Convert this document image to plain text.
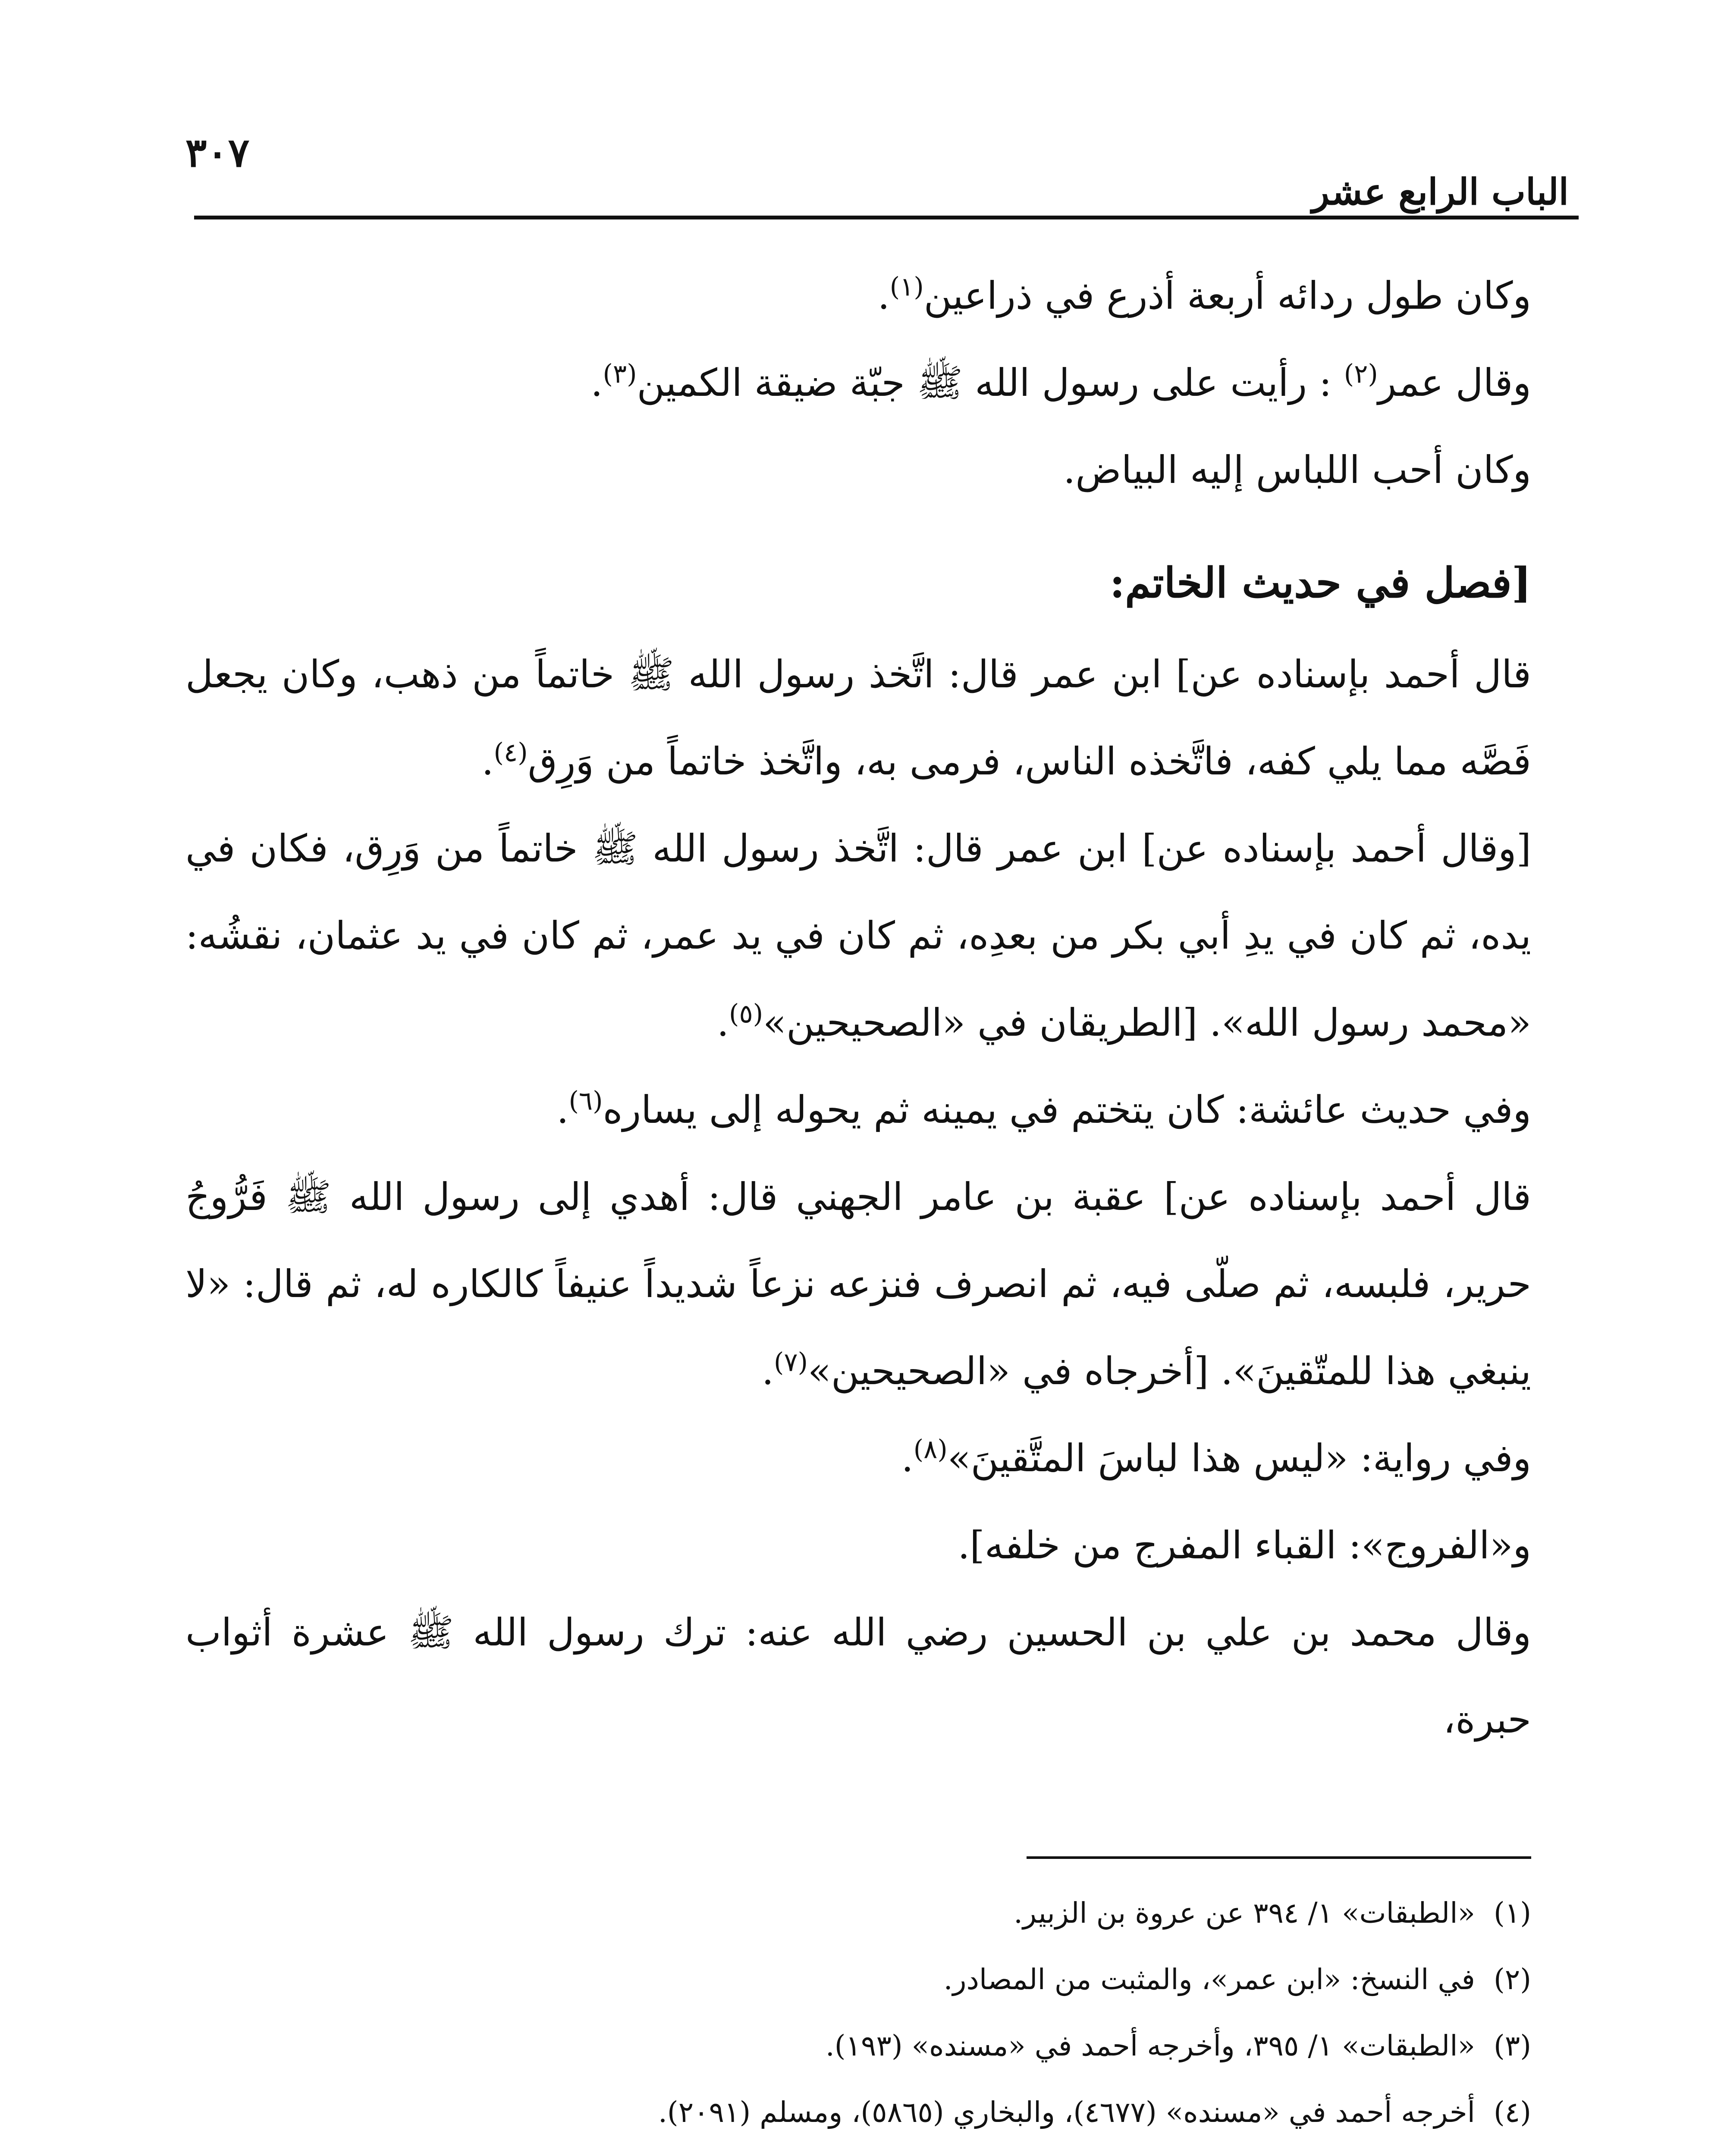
٣٠٧
الباب الرابع عشر

وكان طول ردائه أربعة أذرع في ذراعين$^{(١)}$.

وقال عمر$^{(٢)}$ : رأيت على رسول الله ﷺ جبّة ضيقة الكمين$^{(٣)}$.

وكان أحب اللباس إليه البياض.

[فصل في حديث الخاتم:

قال أحمد بإسناده عن] ابن عمر قال: اتَّخذ رسول الله ﷺ خاتماً من ذهب، وكان يجعل فَصَّه مما يلي كفه، فاتَّخذه الناس، فرمى به، واتَّخذ خاتماً من وَرِق$^{(٤)}$.

[وقال أحمد بإسناده عن] ابن عمر قال: اتَّخذ رسول الله ﷺ خاتماً من وَرِق، فكان في يده، ثم كان في يدِ أبي بكر من بعدِه، ثم كان في يد عمر، ثم كان في يد عثمان، نقشُه: «محمد رسول الله». [الطريقان في «الصحيحين»$^{(٥)}$.

وفي حديث عائشة: كان يتختم في يمينه ثم يحوله إلى يساره$^{(٦)}$.

قال أحمد بإسناده عن] عقبة بن عامر الجهني قال: أهدي إلى رسول الله ﷺ فَرُّوجُ حرير، فلبسه، ثم صلّى فيه، ثم انصرف فنزعه نزعاً شديداً عنيفاً كالكاره له، ثم قال: «لا ينبغي هذا للمتّقينَ». [أخرجاه في «الصحيحين»$^{(٧)}$.

وفي رواية: «ليس هذا لباسَ المتَّقينَ»$^{(٨)}$.

و«الفروج»: القباء المفرج من خلفه].

وقال محمد بن علي بن الحسين رضي الله عنه: ترك رسول الله ﷺ عشرة أثواب حبرة،

(١)«الطبقات» ١/ ٣٩٤ عن عروة بن الزبير.

(٢)في النسخ: «ابن عمر»، والمثبت من المصادر.

(٣)«الطبقات» ١/ ٣٩٥، وأخرجه أحمد في «مسنده» (١٩٣).

(٤)أخرجه أحمد في «مسنده» (٤٦٧٧)، والبخاري (٥٨٦٥)، ومسلم (٢٠٩١).
